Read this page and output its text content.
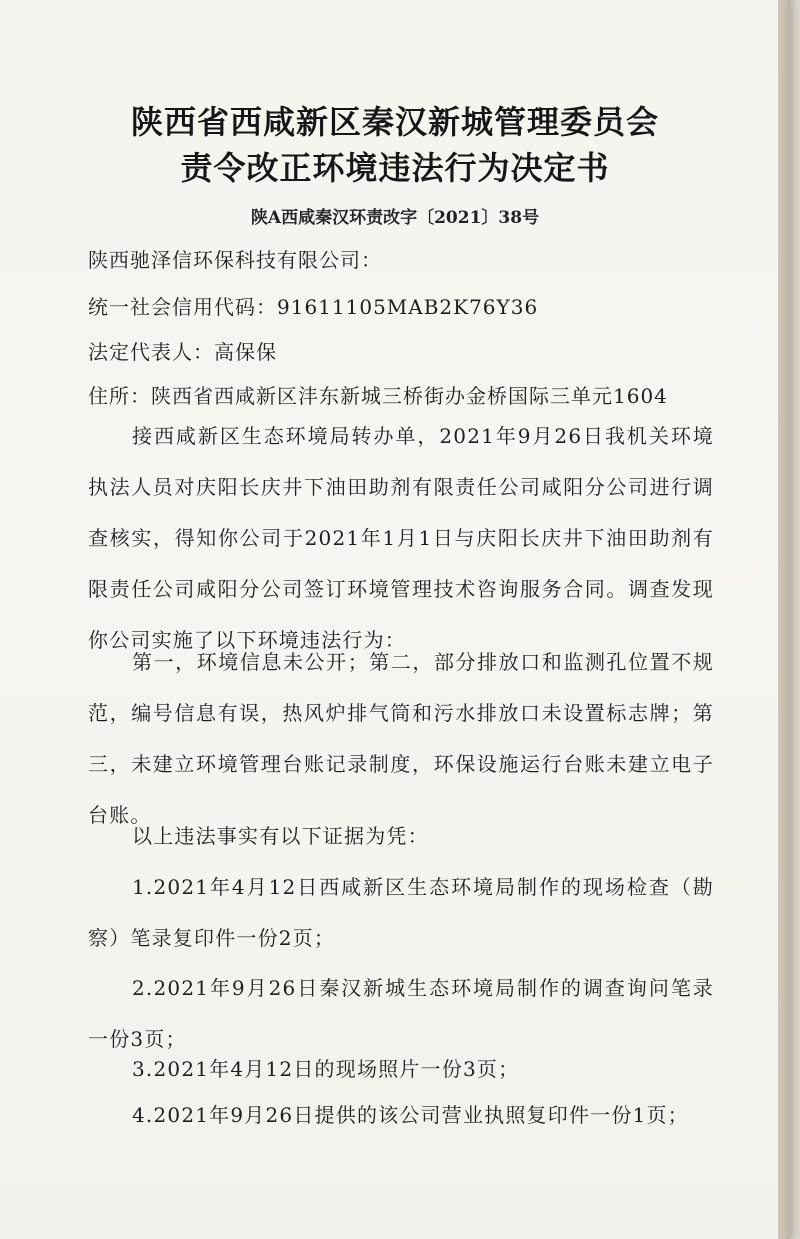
陕西省西咸新区秦汉新城管理委员会
责令改正环境违法行为决定书
陕A西咸秦汉环责改字〔2021〕38号
陕西驰泽信环保科技有限公司：
统一社会信用代码：91611105MAB2K76Y36
法定代表人：高保保
住所：陕西省西咸新区沣东新城三桥街办金桥国际三单元1604
接西咸新区生态环境局转办单，2021年9月26日我机关环境执法人员对庆阳长庆井下油田助剂有限责任公司咸阳分公司进行调查核实，得知你公司于2021年1月1日与庆阳长庆井下油田助剂有限责任公司咸阳分公司签订环境管理技术咨询服务合同。调查发现你公司实施了以下环境违法行为：
第一，环境信息未公开；第二，部分排放口和监测孔位置不规范，编号信息有误，热风炉排气筒和污水排放口未设置标志牌；第三，未建立环境管理台账记录制度，环保设施运行台账未建立电子台账。
以上违法事实有以下证据为凭：
1.2021年4月12日西咸新区生态环境局制作的现场检查（勘察）笔录复印件一份2页；
2.2021年9月26日秦汉新城生态环境局制作的调查询问笔录一份3页；
3.2021年4月12日的现场照片一份3页；
4.2021年9月26日提供的该公司营业执照复印件一份1页；
